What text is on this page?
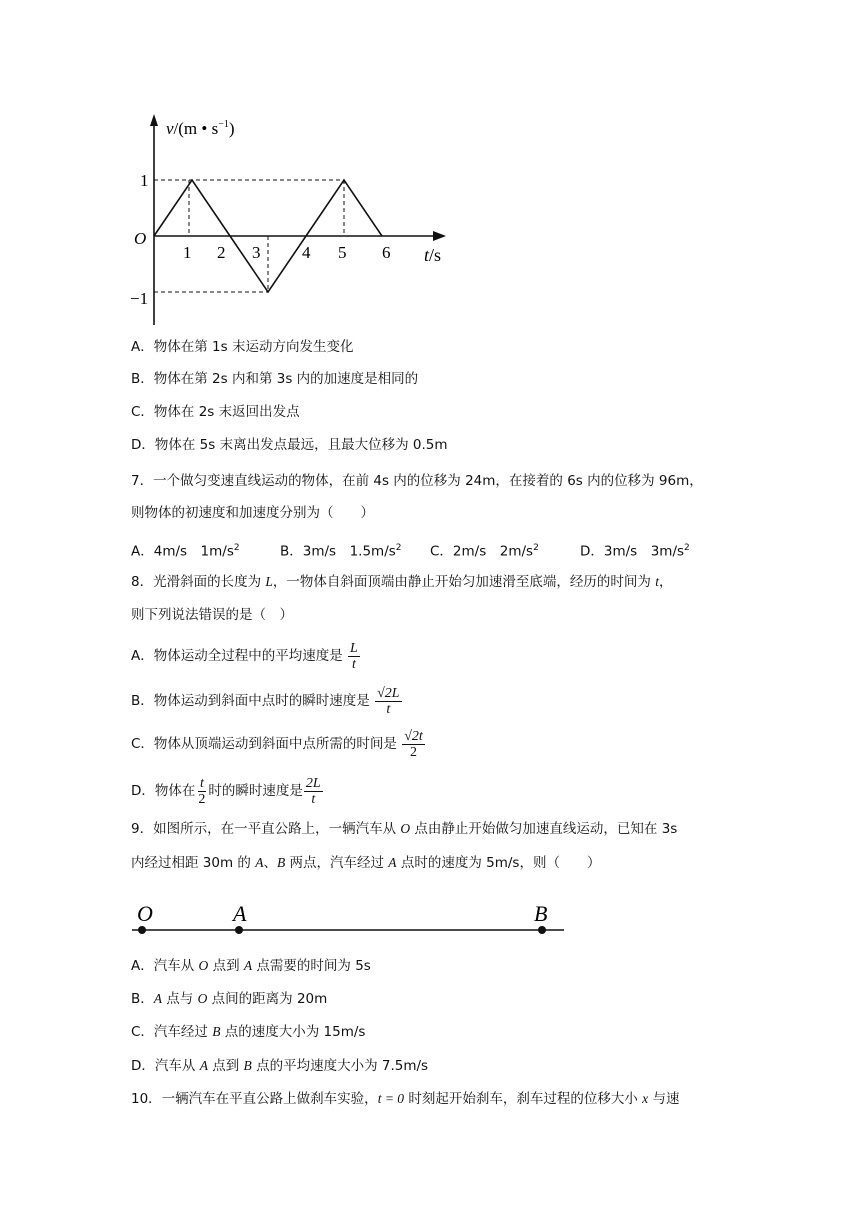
v/(m • $s^{-1}$)
1
−1
O
1 2 3 4 5 6 t/s
A．物体在第 1s 末运动方向发生变化
B．物体在第 2s 内和第 3s 内的加速度是相同的
C．物体在 2s 末返回出发点
D．物体在 5s 末离出发点最远，且最大位移为 0.5m
7．一个做匀变速直线运动的物体，在前 4s 内的位移为 24m，在接着的 6s 内的位移为 96m，
则物体的初速度和加速度分别为（　　）
A．4m/s　$1m/s^2$	B．3m/s　$1.5m/s^2$ C．2m/s　$2m/s^2$	D．3m/s　$3m/s^2$
8．光滑斜面的长度为 L，一物体自斜面顶端由静止开始匀加速滑至底端，经历的时间为 t，
则下列说法错误的是（　）
A．物体运动全过程中的平均速度是 $\frac{L}{t}$
B．物体运动到斜面中点时的瞬时速度是 $\frac{√2L}{t}$
C．物体从顶端运动到斜面中点所需的时间是 $\frac{√2t}{2}$
D．物体在 $\frac{t}{2}$ 时的瞬时速度是 $\frac{2L}{t}$
9．如图所示，在一平直公路上，一辆汽车从 O 点由静止开始做匀加速直线运动，已知在 3s
内经过相距 30m 的 A、B 两点，汽车经过 A 点时的速度为 5m/s，则（　　）
O	A	B
A．汽车从 O 点到 A 点需要的时间为 5s
B．A 点与 O 点间的距离为 20m
C．汽车经过 B 点的速度大小为 15m/s
D．汽车从 A 点到 B 点的平均速度大小为 7.5m/s
10．一辆汽车在平直公路上做刹车实验，t = 0 时刻起开始刹车，刹车过程的位移大小 x 与速
